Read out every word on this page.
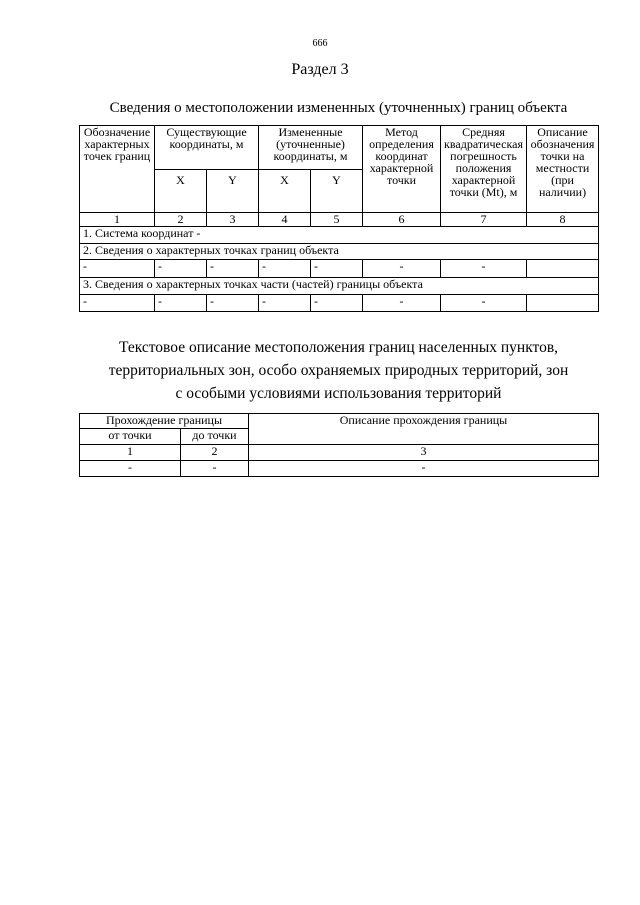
666
Раздел 3
Сведения о местоположении измененных (уточненных) границ объекта
Обозначение характерных точек границ	Существующие координаты, м		Измененные (уточненные) координаты, м		Метод определения координат характерной точки	Средняя квадратическая погрешность положения характерной точки (Mt), м	Описание обозначения точки на местности (при наличии)
	X	Y	X	Y			
1	2	3	4	5	6	7	8
1. Система координат -							
2. Сведения о характерных точках границ объекта							
-	-	-	-	-	-	-	
3. Сведения о характерных точках части (частей) границы объекта							
-	-	-	-	-	-	-	
Текстовое описание местоположения границ населенных пунктов,
территориальных зон, особо охраняемых природных территорий, зон
с особыми условиями использования территорий
Прохождение границы		Описание прохождения границы
от точки	до точки	
1	2	3
-	-	-
